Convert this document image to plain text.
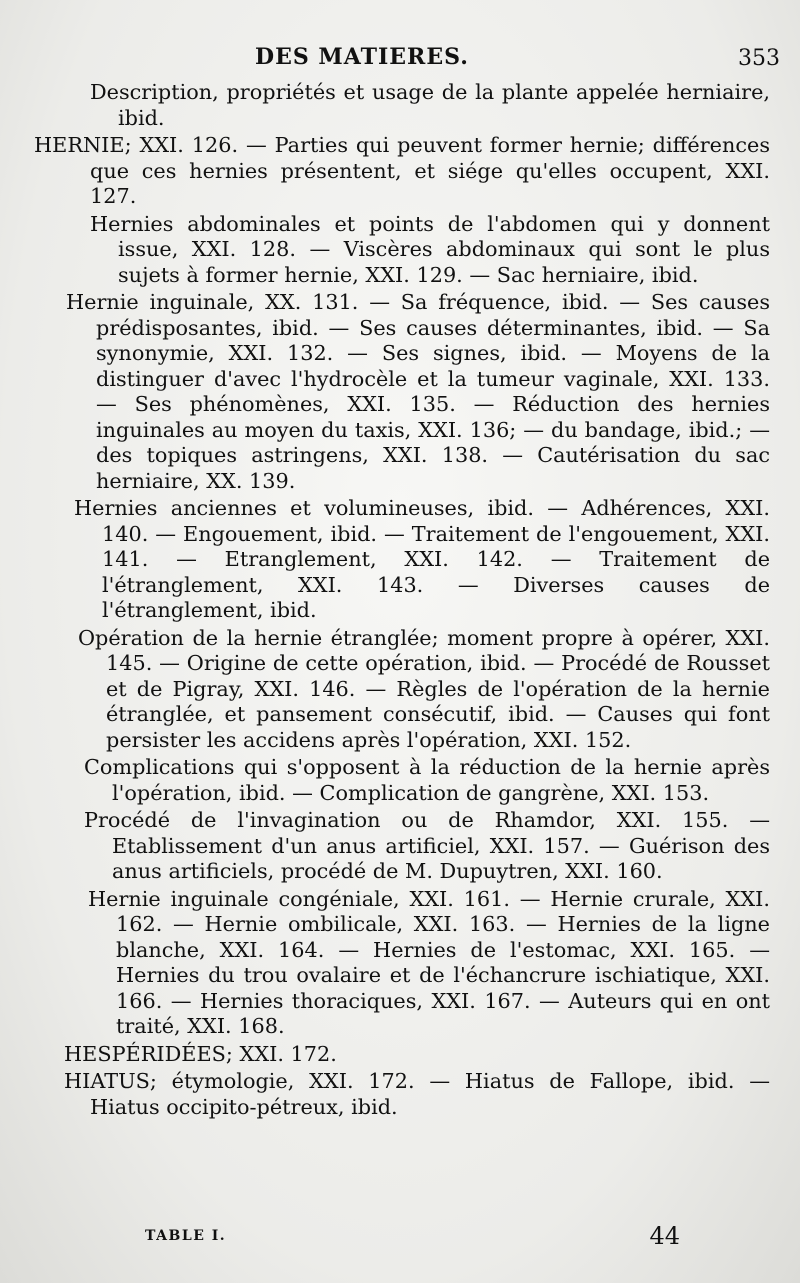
DES MATIERES.	353

Description, propriétés et usage de la plante appelée herniaire, ibid.

HERNIE; XXI. 126. — Parties qui peuvent former hernie; différences que ces hernies présentent, et siége qu'elles occupent, XXI. 127.

Hernies abdominales et points de l'abdomen qui y donnent issue, XXI. 128. — Viscères abdominaux qui sont le plus sujets à former hernie, XXI. 129. — Sac herniaire, ibid.

Hernie inguinale, XX. 131. — Sa fréquence, ibid. — Ses causes prédisposantes, ibid. — Ses causes déterminantes, ibid. — Sa synonymie, XXI. 132. — Ses signes, ibid. — Moyens de la distinguer d'avec l'hydrocèle et la tumeur vaginale, XXI. 133. — Ses phénomènes, XXI. 135. — Réduction des hernies inguinales au moyen du taxis, XXI. 136; — du bandage, ibid.; — des topiques astringens, XXI. 138. — Cautérisation du sac herniaire, XX. 139.

Hernies anciennes et volumineuses, ibid. — Adhérences, XXI. 140. — Engouement, ibid. — Traitement de l'engouement, XXI. 141. — Etranglement, XXI. 142. — Traitement de l'étranglement, XXI. 143. — Diverses causes de l'étranglement, ibid.

Opération de la hernie étranglée; moment propre à opérer, XXI. 145. — Origine de cette opération, ibid. — Procédé de Rousset et de Pigray, XXI. 146. — Règles de l'opération de la hernie étranglée, et pansement consécutif, ibid. — Causes qui font persister les accidens après l'opération, XXI. 152.

Complications qui s'opposent à la réduction de la hernie après l'opération, ibid. — Complication de gangrène, XXI. 153.

Procédé de l'invagination ou de Rhamdor, XXI. 155. — Etablissement d'un anus artificiel, XXI. 157. — Guérison des anus artificiels, procédé de M. Dupuytren, XXI. 160.

Hernie inguinale congéniale, XXI. 161. — Hernie crurale, XXI. 162. — Hernie ombilicale, XXI. 163. — Hernies de la ligne blanche, XXI. 164. — Hernies de l'estomac, XXI. 165. — Hernies du trou ovalaire et de l'échancrure ischiatique, XXI. 166. — Hernies thoraciques, XXI. 167. — Auteurs qui en ont traité, XXI. 168.

HESPÉRIDÉES; XXI. 172.

HIATUS; étymologie, XXI. 172. — Hiatus de Fallope, ibid. — Hiatus occipito-pétreux, ibid.

TABLE I.	44
